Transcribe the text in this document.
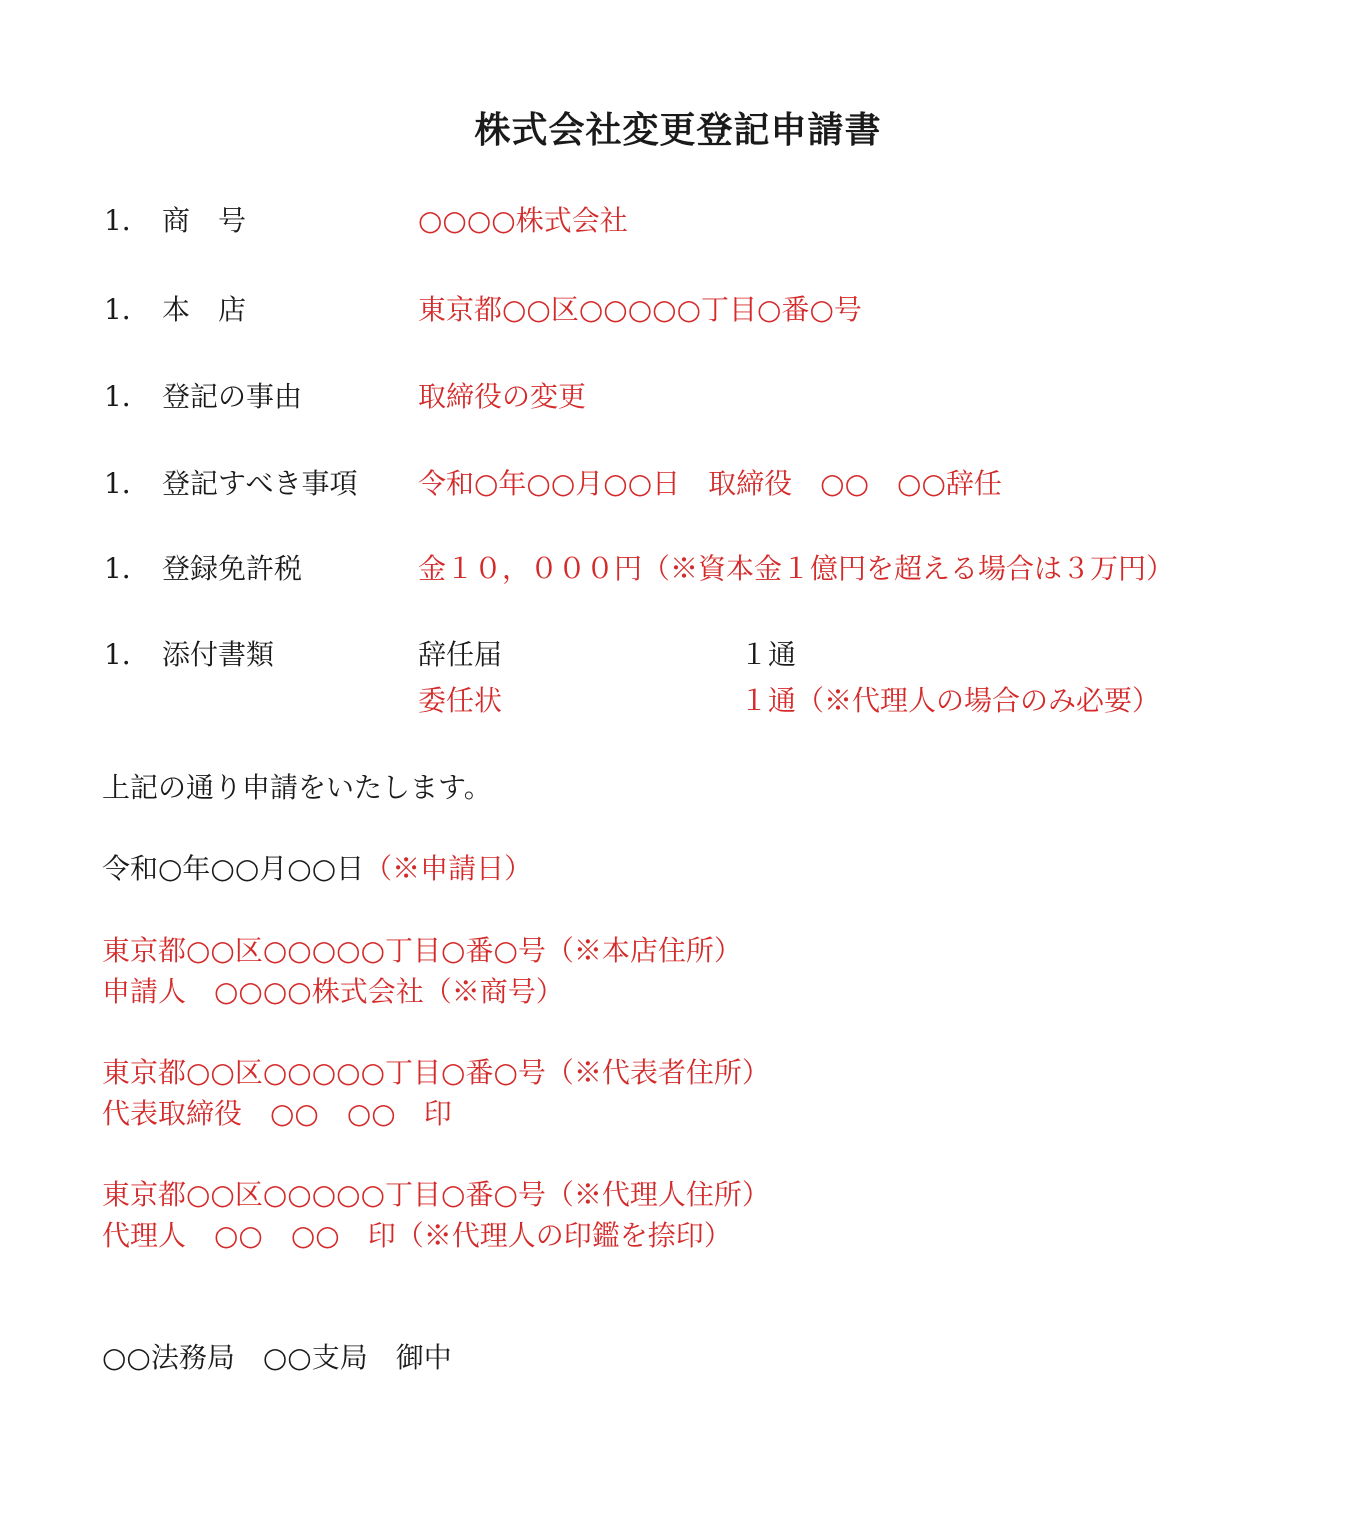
株式会社変更登記申請書
1． 商　号	○○○○株式会社
1． 本　店	東京都○○区○○○○○丁目○番○号
1． 登記の事由	取締役の変更
1． 登記すべき事項 令和○年○○月○○日　取締役　○○　○○辞任
1． 登録免許税	金１０，０００円（※資本金１億円を超える場合は３万円）
1． 添付書類	辞任届	１通
委任状	１通（※代理人の場合のみ必要）
上記の通り申請をいたします。
令和○年○○月○○日（※申請日）
東京都○○区○○○○○丁目○番○号（※本店住所）
申請人　○○○○株式会社（※商号）
東京都○○区○○○○○丁目○番○号（※代表者住所）
代表取締役　○○　○○　印
東京都○○区○○○○○丁目○番○号（※代理人住所）
代理人　○○　○○　印（※代理人の印鑑を捺印）
○○法務局　○○支局　御中
